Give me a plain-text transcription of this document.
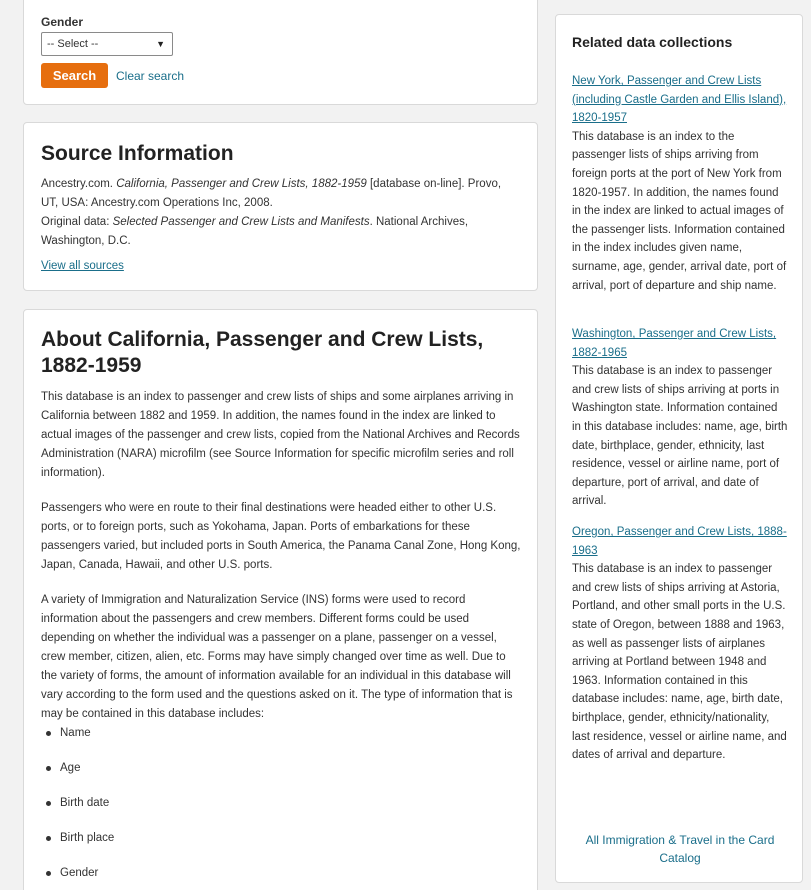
Gender
-- Select --	▼
Search	Clear search
Source Information
Ancestry.com. California, Passenger and Crew Lists, 1882-1959 [database on-line]. Provo, UT, USA: Ancestry.com Operations Inc, 2008.
Original data: Selected Passenger and Crew Lists and Manifests. National Archives, Washington, D.C.
View all sources
About California, Passenger and Crew Lists, 1882-1959
This database is an index to passenger and crew lists of ships and some airplanes arriving in California between 1882 and 1959. In addition, the names found in the index are linked to actual images of the passenger and crew lists, copied from the National Archives and Records Administration (NARA) microfilm (see Source Information for specific microfilm series and roll information).
Passengers who were en route to their final destinations were headed either to other U.S. ports, or to foreign ports, such as Yokohama, Japan. Ports of embarkations for these passengers varied, but included ports in South America, the Panama Canal Zone, Hong Kong, Japan, Canada, Hawaii, and other U.S. ports.
A variety of Immigration and Naturalization Service (INS) forms were used to record information about the passengers and crew members. Different forms could be used depending on whether the individual was a passenger on a plane, passenger on a vessel, crew member, citizen, alien, etc. Forms may have simply changed over time as well. Due to the variety of forms, the amount of information available for an individual in this database will vary according to the form used and the questions asked on it. The type of information that is may be contained in this database includes:
Name
Age
Birth date
Birth place
Gender
Related data collections
New York, Passenger and Crew Lists (including Castle Garden and Ellis Island), 1820-1957
This database is an index to the passenger lists of ships arriving from foreign ports at the port of New York from 1820-1957. In addition, the names found in the index are linked to actual images of the passenger lists. Information contained in the index includes given name, surname, age, gender, arrival date, port of arrival, port of departure and ship name.
Washington, Passenger and Crew Lists, 1882-1965
This database is an index to passenger and crew lists of ships arriving at ports in Washington state. Information contained in this database includes: name, age, birth date, birthplace, gender, ethnicity, last residence, vessel or airline name, port of departure, port of arrival, and date of arrival.
Oregon, Passenger and Crew Lists, 1888-1963
This database is an index to passenger and crew lists of ships arriving at Astoria, Portland, and other small ports in the U.S. state of Oregon, between 1888 and 1963, as well as passenger lists of airplanes arriving at Portland between 1948 and 1963. Information contained in this database includes: name, age, birth date, birthplace, gender, ethnicity/nationality, last residence, vessel or airline name, and dates of arrival and departure.
All Immigration & Travel in the Card Catalog
